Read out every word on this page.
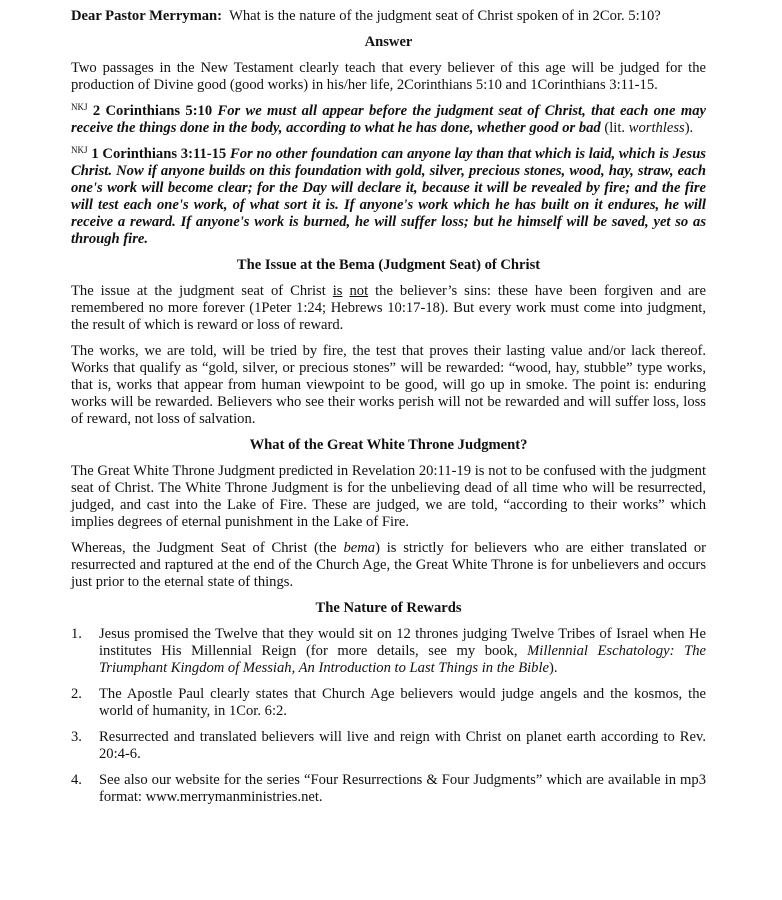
Dear Pastor Merryman: What is the nature of the judgment seat of Christ spoken of in 2Cor. 5:10?

Answer

Two passages in the New Testament clearly teach that every believer of this age will be judged for the production of Divine good (good works) in his/her life, 2Corinthians 5:10 and 1Corinthians 3:11-15.

$^{NKJ}$ 2 Corinthians 5:10 For we must all appear before the judgment seat of Christ, that each one may receive the things done in the body, according to what he has done, whether good or bad (lit. worthless).

$^{NKJ}$ 1 Corinthians 3:11-15 For no other foundation can anyone lay than that which is laid, which is Jesus Christ. Now if anyone builds on this foundation with gold, silver, precious stones, wood, hay, straw, each one's work will become clear; for the Day will declare it, because it will be revealed by fire; and the fire will test each one's work, of what sort it is. If anyone's work which he has built on it endures, he will receive a reward. If anyone's work is burned, he will suffer loss; but he himself will be saved, yet so as through fire.

The Issue at the Bema (Judgment Seat) of Christ

The issue at the judgment seat of Christ is not the believer’s sins: these have been forgiven and are remembered no more forever (1Peter 1:24; Hebrews 10:17-18). But every work must come into judgment, the result of which is reward or loss of reward.

The works, we are told, will be tried by fire, the test that proves their lasting value and/or lack thereof. Works that qualify as “gold, silver, or precious stones” will be rewarded: “wood, hay, stubble” type works, that is, works that appear from human viewpoint to be good, will go up in smoke. The point is: enduring works will be rewarded. Believers who see their works perish will not be rewarded and will suffer loss, loss of reward, not loss of salvation.

What of the Great White Throne Judgment?

The Great White Throne Judgment predicted in Revelation 20:11-19 is not to be confused with the judgment seat of Christ. The White Throne Judgment is for the unbelieving dead of all time who will be resurrected, judged, and cast into the Lake of Fire. These are judged, we are told, “according to their works” which implies degrees of eternal punishment in the Lake of Fire.

Whereas, the Judgment Seat of Christ (the bema) is strictly for believers who are either translated or resurrected and raptured at the end of the Church Age, the Great White Throne is for unbelievers and occurs just prior to the eternal state of things.

The Nature of Rewards

1.	Jesus promised the Twelve that they would sit on 12 thrones judging Twelve Tribes of Israel when He institutes His Millennial Reign (for more details, see my book, Millennial Eschatology: The Triumphant Kingdom of Messiah, An Introduction to Last Things in the Bible).
2.	The Apostle Paul clearly states that Church Age believers would judge angels and the kosmos, the world of humanity, in 1Cor. 6:2.
3.	Resurrected and translated believers will live and reign with Christ on planet earth according to Rev. 20:4-6.
4.	See also our website for the series “Four Resurrections & Four Judgments” which are available in mp3 format: www.merrymanministries.net.
